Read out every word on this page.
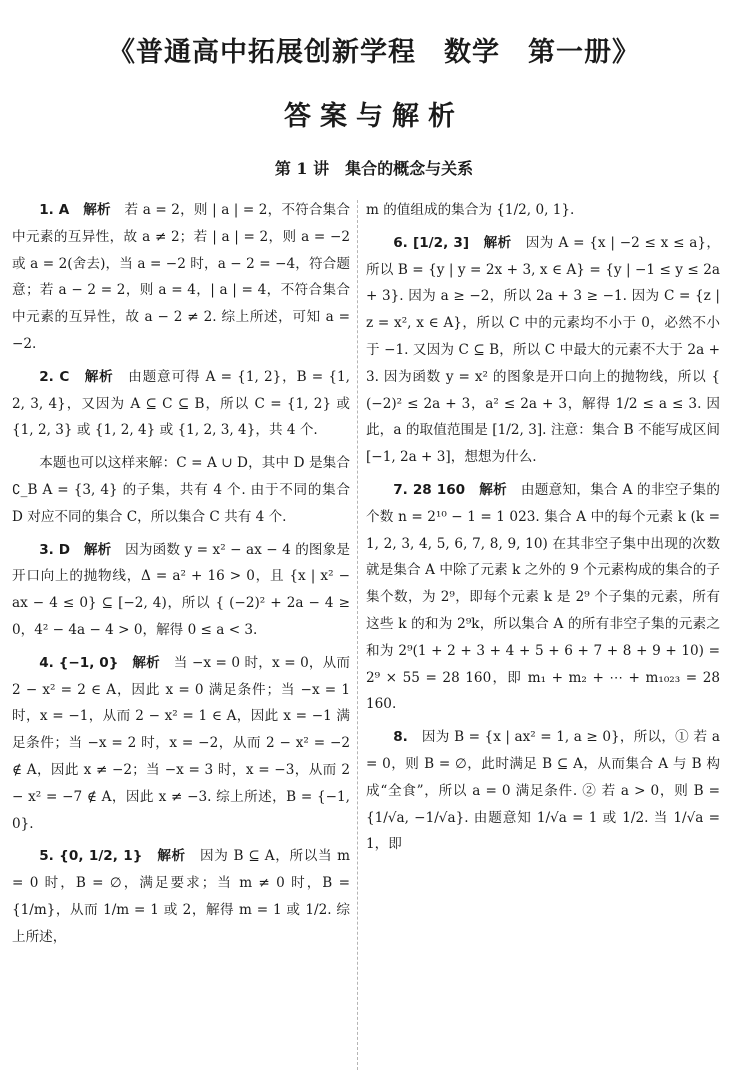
《普通高中拓展创新学程　数学　第一册》
答案与解析
第 1 讲　集合的概念与关系

1. A　 解析　 若 a = 2，则 | a | = 2，不符合集合中元素的互异性，故 a ≠ 2；若 | a | = 2，则 a = −2 或 a = 2(舍去)，当 a = −2 时，a − 2 = −4，符合题意；若 a − 2 = 2，则 a = 4，| a | = 4，不符合集合中元素的互异性，故 a − 2 ≠ 2. 综上所述，可知 a = −2.

2. C　 解析　 由题意可得 A = {1, 2}，B = {1, 2, 3, 4}，又因为 A ⊆ C ⊆ B，所以 C = {1, 2} 或 {1, 2, 3} 或 {1, 2, 4} 或 {1, 2, 3, 4}，共 4 个.

本题也可以这样来解：C = A ∪ D，其中 D 是集合 ∁_B A = {3, 4} 的子集，共有 4 个. 由于不同的集合 D 对应不同的集合 C，所以集合 C 共有 4 个.

3. D　 解析　 因为函数 y = x² − ax − 4 的图象是开口向上的抛物线，Δ = a² + 16 > 0，且 {x | x² − ax − 4 ≤ 0} ⊆ [−2, 4)，所以 { (−2)² + 2a − 4 ≥ 0，4² − 4a − 4 > 0，解得 0 ≤ a < 3.

4. {−1, 0}　 解析　 当 −x = 0 时，x = 0，从而 2 − x² = 2 ∈ A，因此 x = 0 满足条件；当 −x = 1 时，x = −1，从而 2 − x² = 1 ∈ A，因此 x = −1 满足条件；当 −x = 2 时，x = −2，从而 2 − x² = −2 ∉ A，因此 x ≠ −2；当 −x = 3 时，x = −3，从而 2 − x² = −7 ∉ A，因此 x ≠ −3. 综上所述，B = {−1, 0}.

5. {0, 1/2, 1}　 解析　 因为 B ⊆ A，所以当 m = 0 时，B = ∅，满足要求；当 m ≠ 0 时，B = {1/m}，从而 1/m = 1 或 2，解得 m = 1 或 1/2. 综上所述，

m 的值组成的集合为 {1/2, 0, 1}.

6. [1/2, 3]　 解析　 因为 A = {x | −2 ≤ x ≤ a}，所以 B = {y | y = 2x + 3, x ∈ A} = {y | −1 ≤ y ≤ 2a + 3}. 因为 a ≥ −2，所以 2a + 3 ≥ −1. 因为 C = {z | z = x², x ∈ A}，所以 C 中的元素均不小于 0，必然不小于 −1. 又因为 C ⊆ B，所以 C 中最大的元素不大于 2a + 3. 因为函数 y = x² 的图象是开口向上的抛物线，所以 { (−2)² ≤ 2a + 3，a² ≤ 2a + 3，解得 1/2 ≤ a ≤ 3. 因此，a 的取值范围是 [1/2, 3]. 注意：集合 B 不能写成区间 [−1, 2a + 3]，想想为什么.

7. 28 160　 解析　 由题意知，集合 A 的非空子集的个数 n = 2¹⁰ − 1 = 1 023. 集合 A 中的每个元素 k (k = 1, 2, 3, 4, 5, 6, 7, 8, 9, 10) 在其非空子集中出现的次数就是集合 A 中除了元素 k 之外的 9 个元素构成的集合的子集个数，为 2⁹，即每个元素 k 是 2⁹ 个子集的元素，所有这些 k 的和为 2⁹k，所以集合 A 的所有非空子集的元素之和为 2⁹(1 + 2 + 3 + 4 + 5 + 6 + 7 + 8 + 9 + 10) = 2⁹ × 55 = 28 160，即 m₁ + m₂ + ⋯ + m₁₀₂₃ = 28 160.

8.　 因为 B = {x | ax² = 1, a ≥ 0}，所以，① 若 a = 0，则 B = ∅，此时满足 B ⊆ A，从而集合 A 与 B 构成“全食”，所以 a = 0 满足条件. ② 若 a > 0，则 B = {1/√a, −1/√a}. 由题意知 1/√a = 1 或 1/2. 当 1/√a = 1，即
